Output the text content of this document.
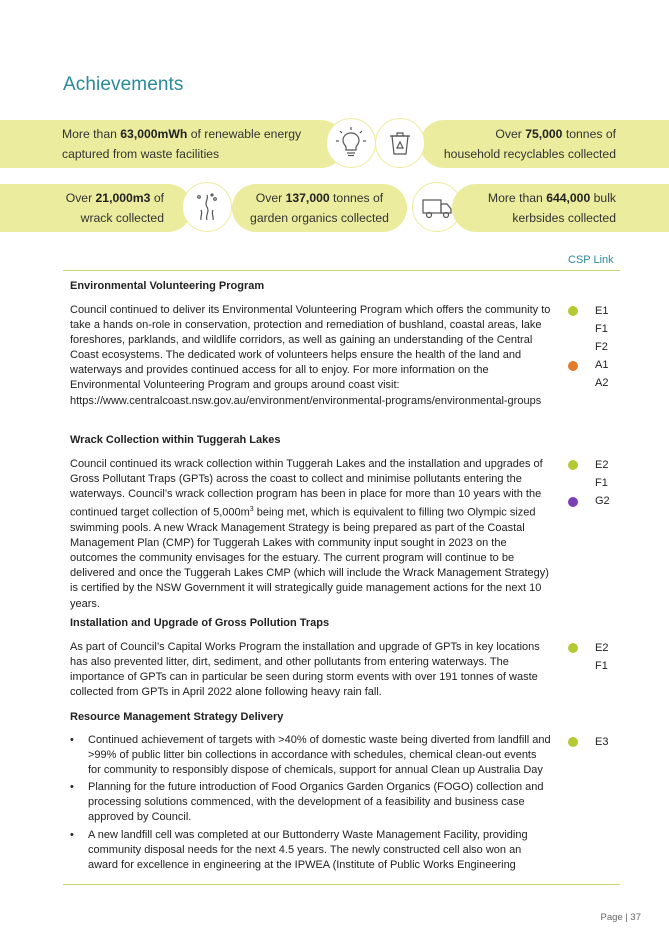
Achievements
More than 63,000mWh of renewable energy
captured from waste facilities
Over 75,000 tonnes of
household recyclables collected
Over 21,000m3 of
wrack collected
Over 137,000 tonnes of
garden organics collected
More than 644,000 bulk
kerbsides collected
CSP Link
Environmental Volunteering Program

Council continued to deliver its Environmental Volunteering Program which offers the community to take a hands on-role in conservation, protection and remediation of bushland, coastal areas, lake foreshores, parklands, and wildlife corridors, as well as gaining an understanding of the Central Coast ecosystems. The dedicated work of volunteers helps ensure the health of the land and waterways and provides continued access for all to enjoy. For more information on the Environmental Volunteering Program and groups around coast visit: https://www.centralcoast.nsw.gov.au/environment/environmental-programs/environmental-groups

E1
F1
F2
A1
A2
Wrack Collection within Tuggerah Lakes

Council continued its wrack collection within Tuggerah Lakes and the installation and upgrades of Gross Pollutant Traps (GPTs) across the coast to collect and minimise pollutants entering the waterways. Council’s wrack collection program has been in place for more than 10 years with the continued target collection of $5,000m^3$ being met, which is equivalent to filling two Olympic sized swimming pools. A new Wrack Management Strategy is being prepared as part of the Coastal Management Plan (CMP) for Tuggerah Lakes with community input sought in 2023 on the outcomes the community envisages for the estuary. The current program will continue to be delivered and once the Tuggerah Lakes CMP (which will include the Wrack Management Strategy) is certified by the NSW Government it will strategically guide management actions for the next 10 years.

E2
F1
G2
Installation and Upgrade of Gross Pollution Traps

As part of Council’s Capital Works Program the installation and upgrade of GPTs in key locations has also prevented litter, dirt, sediment, and other pollutants from entering waterways. The importance of GPTs can in particular be seen during storm events with over 191 tonnes of waste collected from GPTs in April 2022 alone following heavy rain fall.

E2
F1
Resource Management Strategy Delivery
• Continued achievement of targets with >40% of domestic waste being diverted from landfill and >99% of public litter bin collections in accordance with schedules, chemical clean-out events for community to responsibly dispose of chemicals, support for annual Clean up Australia Day
• Planning for the future introduction of Food Organics Garden Organics (FOGO) collection and processing solutions commenced, with the development of a feasibility and business case approved by Council.
• A new landfill cell was completed at our Buttonderry Waste Management Facility, providing community disposal needs for the next 4.5 years. The newly constructed cell also won an award for excellence in engineering at the IPWEA (Institute of Public Works Engineering
E3
Page | 37
